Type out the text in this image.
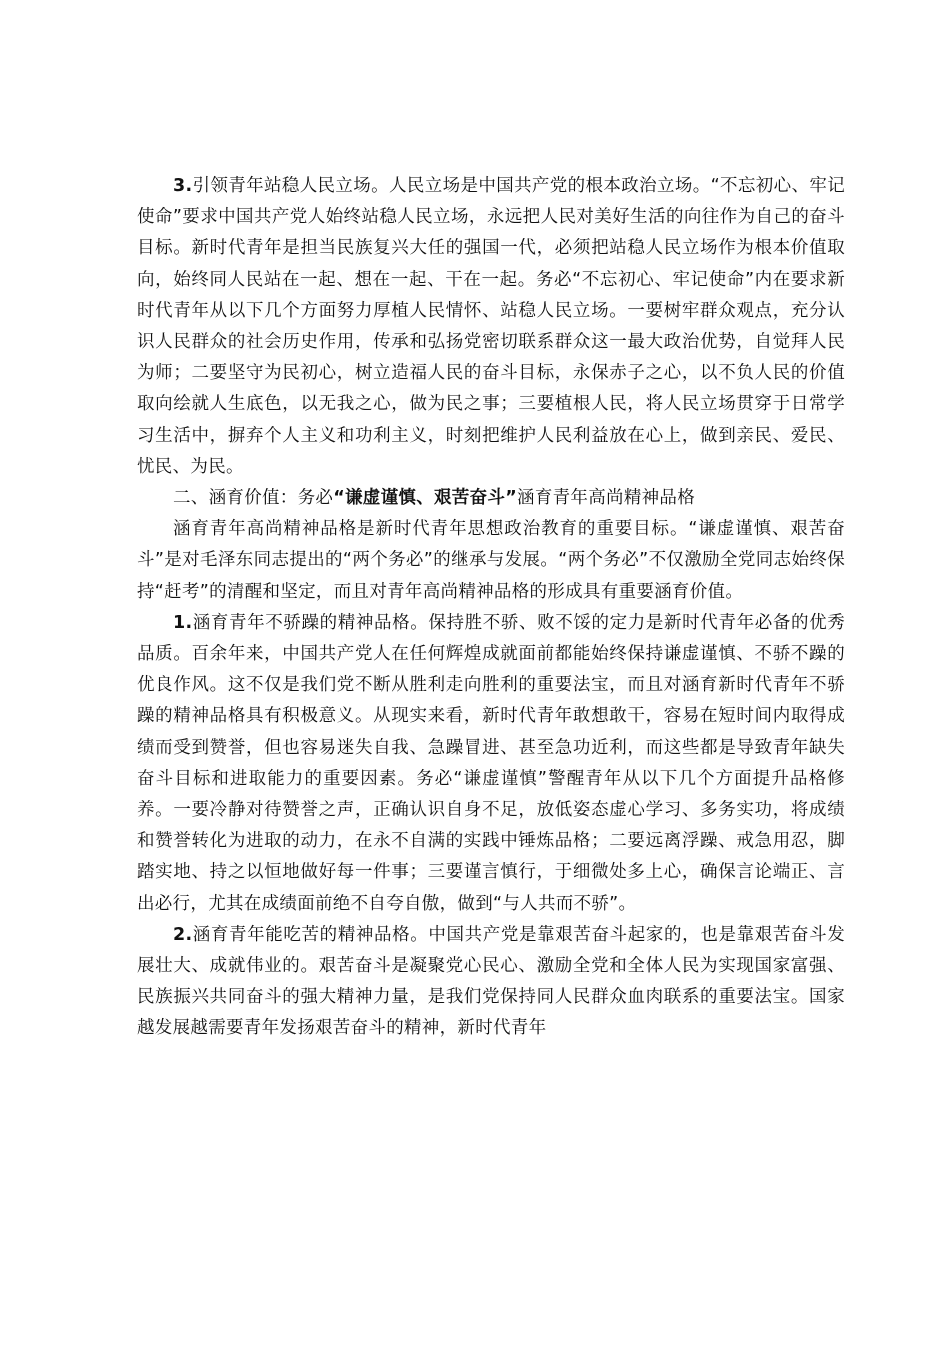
3.引领青年站稳人民立场。人民立场是中国共产党的根本政治立场。“不忘初心、牢记使命”要求中国共产党人始终站稳人民立场，永远把人民对美好生活的向往作为自己的奋斗目标。新时代青年是担当民族复兴大任的强国一代，必须把站稳人民立场作为根本价值取向，始终同人民站在一起、想在一起、干在一起。务必“不忘初心、牢记使命”内在要求新时代青年从以下几个方面努力厚植人民情怀、站稳人民立场。一要树牢群众观点，充分认识人民群众的社会历史作用，传承和弘扬党密切联系群众这一最大政治优势，自觉拜人民为师；二要坚守为民初心，树立造福人民的奋斗目标，永保赤子之心，以不负人民的价值取向绘就人生底色，以无我之心，做为民之事；三要植根人民，将人民立场贯穿于日常学习生活中，摒弃个人主义和功利主义，时刻把维护人民利益放在心上，做到亲民、爱民、忧民、为民。

二、涵育价值：务必“谦虚谨慎、艰苦奋斗”涵育青年高尚精神品格

涵育青年高尚精神品格是新时代青年思想政治教育的重要目标。“谦虚谨慎、艰苦奋斗”是对毛泽东同志提出的“两个务必”的继承与发展。“两个务必”不仅激励全党同志始终保持“赶考”的清醒和坚定，而且对青年高尚精神品格的形成具有重要涵育价值。

1.涵育青年不骄躁的精神品格。保持胜不骄、败不馁的定力是新时代青年必备的优秀品质。百余年来，中国共产党人在任何辉煌成就面前都能始终保持谦虚谨慎、不骄不躁的优良作风。这不仅是我们党不断从胜利走向胜利的重要法宝，而且对涵育新时代青年不骄躁的精神品格具有积极意义。从现实来看，新时代青年敢想敢干，容易在短时间内取得成绩而受到赞誉，但也容易迷失自我、急躁冒进、甚至急功近利，而这些都是导致青年缺失奋斗目标和进取能力的重要因素。务必“谦虚谨慎”警醒青年从以下几个方面提升品格修养。一要冷静对待赞誉之声，正确认识自身不足，放低姿态虚心学习、多务实功，将成绩和赞誉转化为进取的动力，在永不自满的实践中锤炼品格；二要远离浮躁、戒急用忍，脚踏实地、持之以恒地做好每一件事；三要谨言慎行，于细微处多上心，确保言论端正、言出必行，尤其在成绩面前绝不自夸自傲，做到“与人共而不骄”。

2.涵育青年能吃苦的精神品格。中国共产党是靠艰苦奋斗起家的，也是靠艰苦奋斗发展壮大、成就伟业的。艰苦奋斗是凝聚党心民心、激励全党和全体人民为实现国家富强、民族振兴共同奋斗的强大精神力量，是我们党保持同人民群众血肉联系的重要法宝。国家越发展越需要青年发扬艰苦奋斗的精神，新时代青年
